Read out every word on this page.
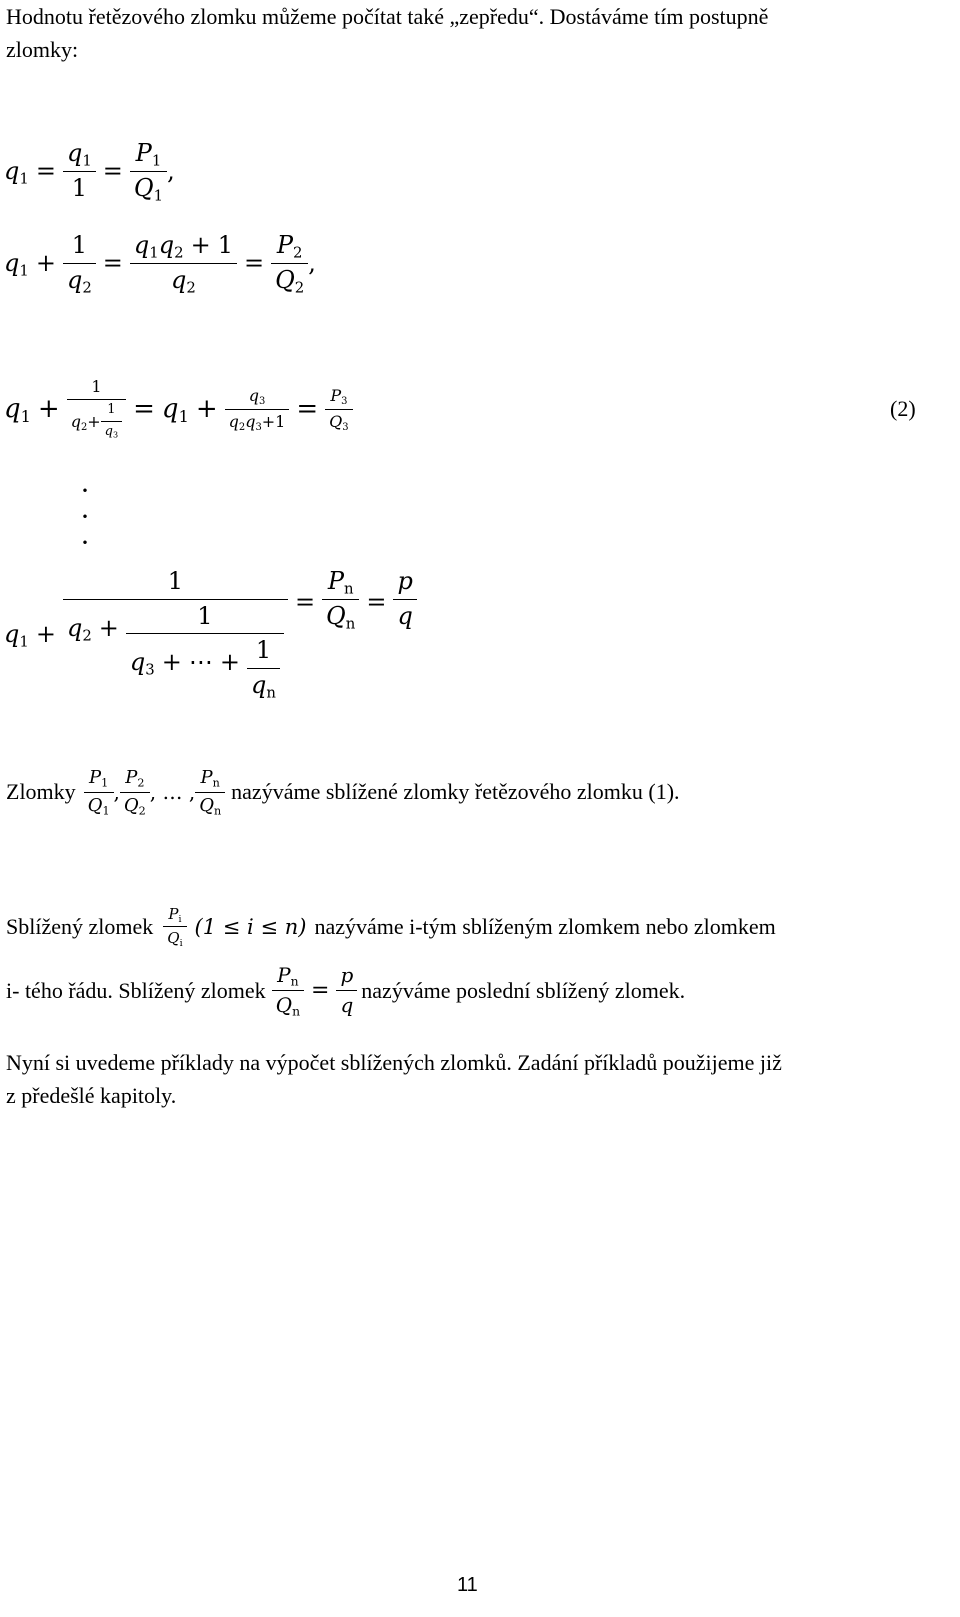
Hodnotu řetězového zlomku můžeme počítat také „zepředu“. Dostáváme tím postupně
zlomky:
$q_1 = \frac{q_1}{1} = \frac{P_1}{Q_1}$ ,
$q_1 + \frac{1}{q_2} = \frac{q_1q_2 + 1}{q_2} = \frac{P_2}{Q_2}$ ,
$q_1 + \frac{1}{q_2 + \frac{1}{q_3}} = q_1 + \frac{q_3}{q_2q_3+1} = \frac{P_3}{Q_3}$	(2)
·
·
·
$q_1$ +
1
$q_2$ +	1
$q_3$ + ⋯ + $\frac{1}{q_n}$
= $\frac{P_n}{Q_n} = \frac{p}{q}$
Zlomky $\frac{P_1}{Q_1}$ , $\frac{P_2}{Q_2}$ , … , $\frac{P_n}{Q_n}$ nazýváme sblížené zlomky řetězového zlomku (1).
Sblížený zlomek $\frac{P_i}{Q_i} (1 \le i \le n)$ nazýváme i-tým sblíženým zlomkem nebo zlomkem
i- tého řádu. Sblížený zlomek $\frac{P_n}{Q_n} = \frac{p}{q}$ nazýváme poslední sblížený zlomek.
Nyní si uvedeme příklady na výpočet sblížených zlomků. Zadání příkladů použijeme již
z předešlé kapitoly.
11
